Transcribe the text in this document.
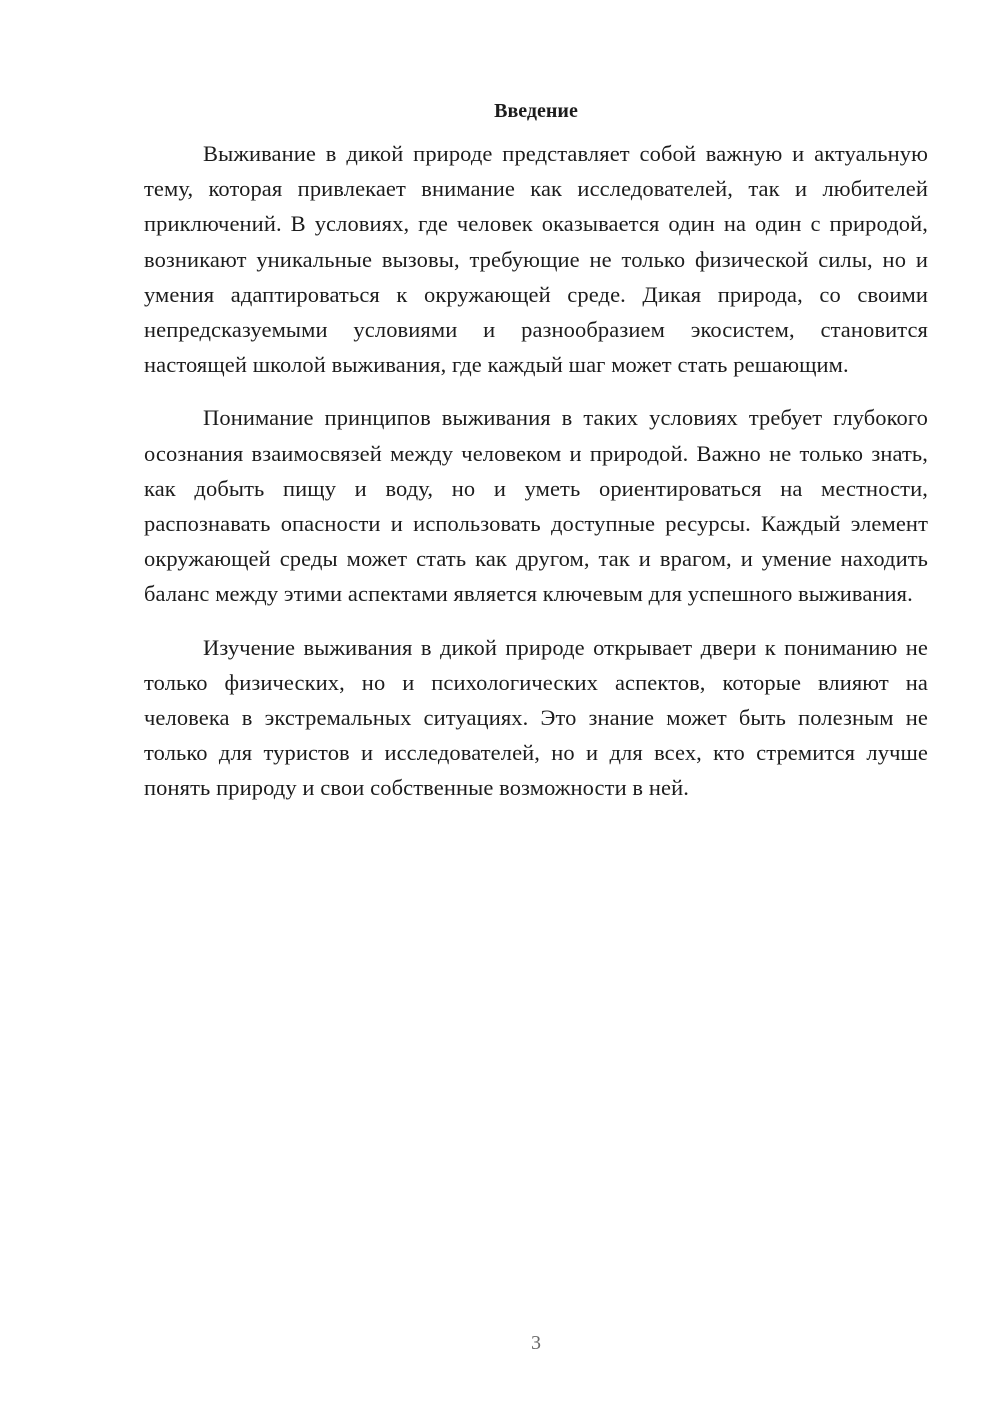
Введение

Выживание в дикой природе представляет собой важную и актуальную тему, которая привлекает внимание как исследователей, так и любителей приключений. В условиях, где человек оказывается один на один с природой, возникают уникальные вызовы, требующие не только физической силы, но и умения адаптироваться к окружающей среде. Дикая природа, со своими непредсказуемыми условиями и разнообразием экосистем, становится настоящей школой выживания, где каждый шаг может стать решающим.

Понимание принципов выживания в таких условиях требует глубокого осознания взаимосвязей между человеком и природой. Важно не только знать, как добыть пищу и воду, но и уметь ориентироваться на местности, распознавать опасности и использовать доступные ресурсы. Каждый элемент окружающей среды может стать как другом, так и врагом, и умение находить баланс между этими аспектами является ключевым для успешного выживания.

Изучение выживания в дикой природе открывает двери к пониманию не только физических, но и психологических аспектов, которые влияют на человека в экстремальных ситуациях. Это знание может быть полезным не только для туристов и исследователей, но и для всех, кто стремится лучше понять природу и свои собственные возможности в ней.

3
